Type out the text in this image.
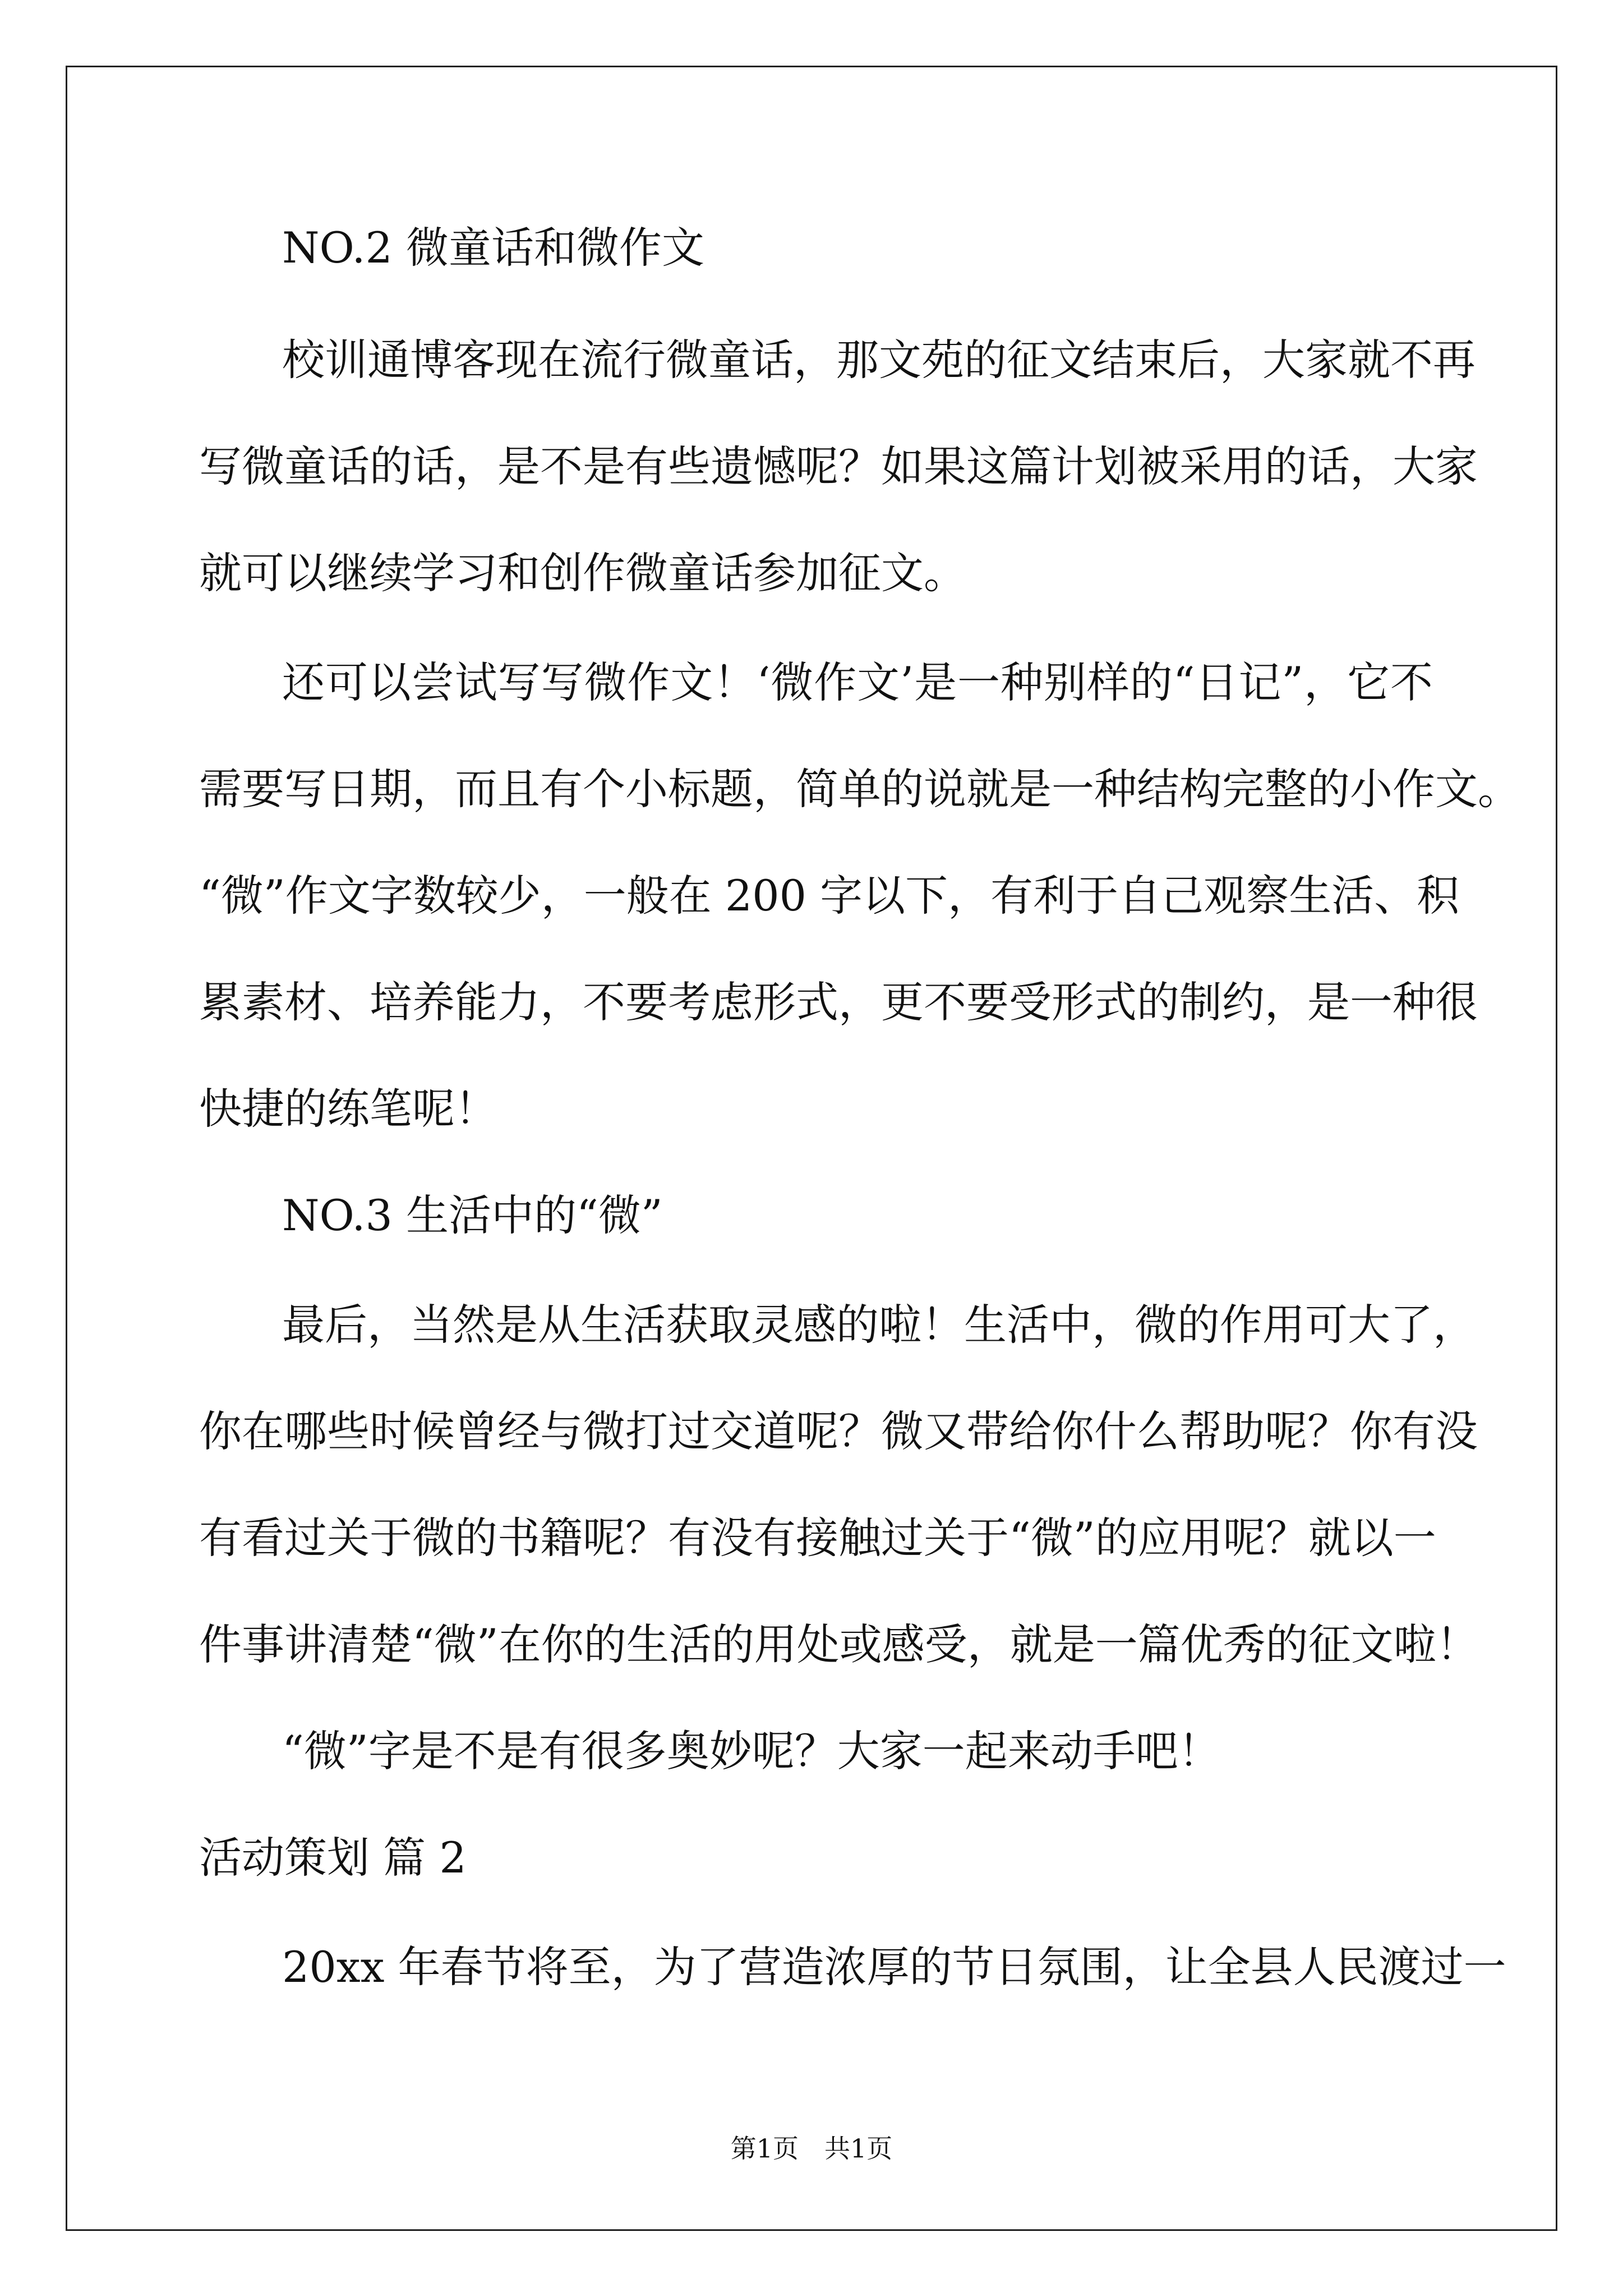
NO.2 微童话和微作文
校训通博客现在流行微童话，那文苑的征文结束后，大家就不再
写微童话的话，是不是有些遗憾呢？如果这篇计划被采用的话，大家
就可以继续学习和创作微童话参加征文。
还可以尝试写写微作文！‘微作文’是一种别样的“日记”，它不
需要写日期，而且有个小标题，简单的说就是一种结构完整的小作文。
“微”作文字数较少，一般在 200 字以下，有利于自己观察生活、积
累素材、培养能力，不要考虑形式，更不要受形式的制约，是一种很
快捷的练笔呢！
NO.3 生活中的“微”
最后，当然是从生活获取灵感的啦！生活中，微的作用可大了，
你在哪些时候曾经与微打过交道呢？微又带给你什么帮助呢？你有没
有看过关于微的书籍呢？有没有接触过关于“微”的应用呢？就以一
件事讲清楚“微”在你的生活的用处或感受，就是一篇优秀的征文啦！
“微”字是不是有很多奥妙呢？大家一起来动手吧！
活动策划 篇 2
20xx 年春节将至，为了营造浓厚的节日氛围，让全县人民渡过一
第1页　共1页
